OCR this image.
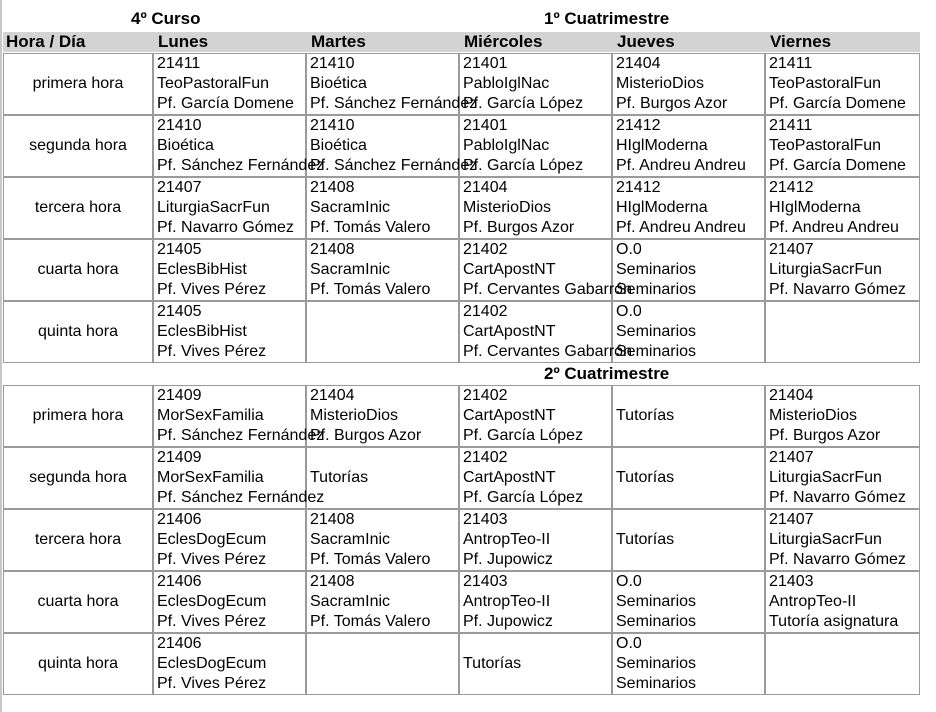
4º Curso	1º Cuatrimestre
Hora / Día	Lunes	Martes	Miércoles	Jueves	Viernes
primera hora	21411
TeoPastoralFun
Pf. García Domene	21410
Bioética
Pf. Sánchez Fernández	21401
PabloIglNac
Pf. García López	21404
MisterioDios
Pf. Burgos Azor	21411
TeoPastoralFun
Pf. García Domene

segunda hora	21410
Bioética
Pf. Sánchez Fernández	21410
Bioética
Pf. Sánchez Fernández	21401
PabloIglNac
Pf. García López	21412
HIglModerna
Pf. Andreu Andreu	21411
TeoPastoralFun
Pf. García Domene

tercera hora	21407
LiturgiaSacrFun
Pf. Navarro Gómez	21408
SacramInic
Pf. Tomás Valero	21404
MisterioDios
Pf. Burgos Azor	21412
HIglModerna
Pf. Andreu Andreu	21412
HIglModerna
Pf. Andreu Andreu

cuarta hora	21405
EclesBibHist
Pf. Vives Pérez	21408
SacramInic
Pf. Tomás Valero	21402
CartApostNT
Pf. Cervantes Gabarrón	O.0
Seminarios
Seminarios	21407
LiturgiaSacrFun
Pf. Navarro Gómez

quinta hora	21405
EclesBibHist
Pf. Vives Pérez		21402
CartApostNT
Pf. Cervantes Gabarrón	O.0
Seminarios
Seminarios	

2º Cuatrimestre
primera hora	21409
MorSexFamilia
Pf. Sánchez Fernández	21404
MisterioDios
Pf. Burgos Azor	21402
CartApostNT
Pf. García López	Tutorías	21404
MisterioDios
Pf. Burgos Azor

segunda hora	21409
MorSexFamilia
Pf. Sánchez Fernández	Tutorías	21402
CartApostNT
Pf. García López	Tutorías	21407
LiturgiaSacrFun
Pf. Navarro Gómez

tercera hora	21406
EclesDogEcum
Pf. Vives Pérez	21408
SacramInic
Pf. Tomás Valero	21403
AntropTeo-II
Pf. Jupowicz	Tutorías	21407
LiturgiaSacrFun
Pf. Navarro Gómez

cuarta hora	21406
EclesDogEcum
Pf. Vives Pérez	21408
SacramInic
Pf. Tomás Valero	21403
AntropTeo-II
Pf. Jupowicz	O.0
Seminarios
Seminarios	21403
AntropTeo-II
Tutoría asignatura

quinta hora	21406
EclesDogEcum
Pf. Vives Pérez		Tutorías	O.0
Seminarios
Seminarios	
